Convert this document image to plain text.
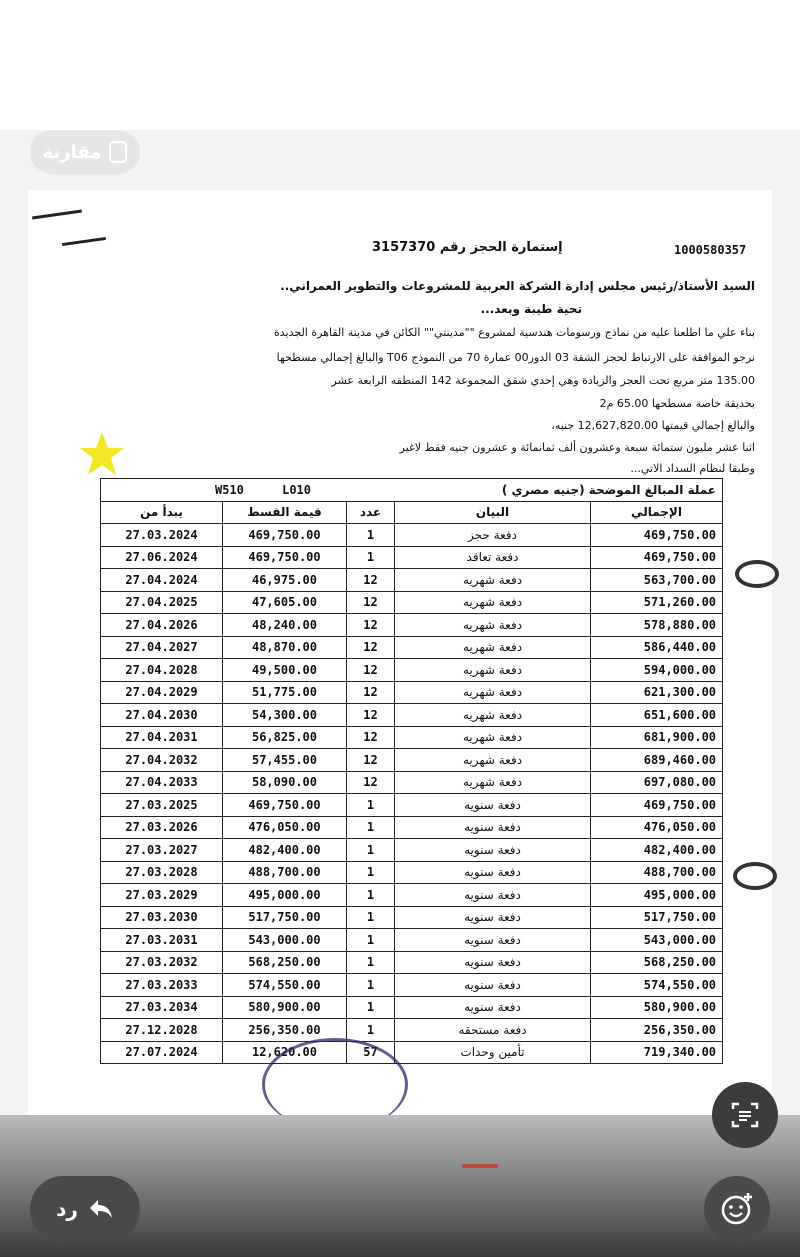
مقارنة
1000580357
إستمارة الحجز رقم 3157370
السيد الأستاذ/رئيس مجلس إدارة الشركة العربية للمشروعات والتطوير العمراني..
تحية طيبة وبعد...
بناء علي ما اطلعنا عليه من نماذج ورسومات هندسية لمشروع ""مدينتي"" الكائن في مدينة القاهرة الجديدة
نرجو الموافقة على الارتباط لحجز الشقة 03 الدور00 عمارة 70 من النموذج T06 والبالغ إجمالي مسطحها
135.00 متر مربع تحت العجز والزيادة وهي إحدي شقق المجموعة 142 المنطقه الرابعة عشر
بحديقة خاصة مسطحها 65.00 م2
والبالغ إجمالي قيمتها 12,627,820.00 جنيه،
اثنا عشر مليون ستمائة سبعة وعشرون ألف ثمانمائة و عشرون جنيه فقط لاغير
وطبقا لنظام السداد الاتي...
W510 L010		عملة المبالغ الموضحة (جنيه مصري )		
يبدأ من	قيمة القسط	عدد	البيان	الإجمالي
27.03.2024	469,750.00	1	دفعة حجز	469,750.00
27.06.2024	469,750.00	1	دفعة تعاقد	469,750.00
27.04.2024	46,975.00	12	دفعة شهريه	563,700.00
27.04.2025	47,605.00	12	دفعة شهريه	571,260.00
27.04.2026	48,240.00	12	دفعة شهريه	578,880.00
27.04.2027	48,870.00	12	دفعة شهريه	586,440.00
27.04.2028	49,500.00	12	دفعة شهريه	594,000.00
27.04.2029	51,775.00	12	دفعة شهريه	621,300.00
27.04.2030	54,300.00	12	دفعة شهريه	651,600.00
27.04.2031	56,825.00	12	دفعة شهريه	681,900.00
27.04.2032	57,455.00	12	دفعة شهريه	689,460.00
27.04.2033	58,090.00	12	دفعة شهريه	697,080.00
27.03.2025	469,750.00	1	دفعة سنويه	469,750.00
27.03.2026	476,050.00	1	دفعة سنويه	476,050.00
27.03.2027	482,400.00	1	دفعة سنويه	482,400.00
27.03.2028	488,700.00	1	دفعة سنويه	488,700.00
27.03.2029	495,000.00	1	دفعة سنويه	495,000.00
27.03.2030	517,750.00	1	دفعة سنويه	517,750.00
27.03.2031	543,000.00	1	دفعة سنويه	543,000.00
27.03.2032	568,250.00	1	دفعة سنويه	568,250.00
27.03.2033	574,550.00	1	دفعة سنويه	574,550.00
27.03.2034	580,900.00	1	دفعة سنويه	580,900.00
27.12.2028	256,350.00	1	دفعة مستحقه	256,350.00
27.07.2024	12,620.00	57	تأمين وحدات	719,340.00
رد
